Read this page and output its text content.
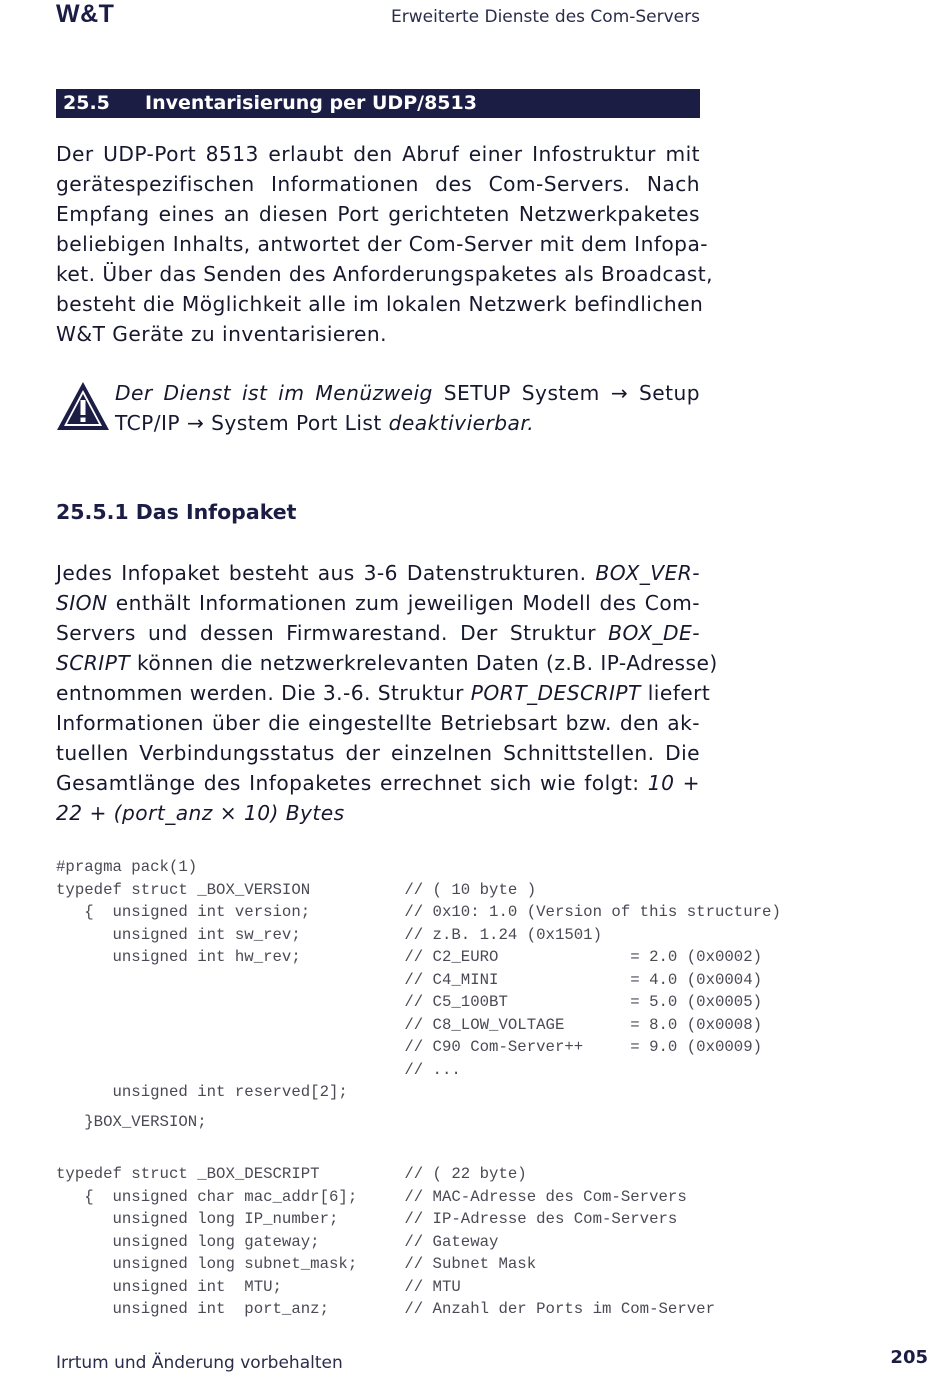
W&T	Erweiterte Dienste des Com-Servers
25.5 Inventarisierung per UDP/8513
Der UDP-Port 8513 erlaubt den Abruf einer Infostruktur mit
gerätespezifischen Informationen des Com-Servers. Nach
Empfang eines an diesen Port gerichteten Netzwerkpaketes
beliebigen Inhalts, antwortet der Com-Server mit dem Infopa-
ket. Über das Senden des Anforderungspaketes als Broadcast,
besteht die Möglichkeit alle im lokalen Netzwerk befindlichen
W&T Geräte zu inventarisieren.
Der Dienst ist im Menüzweig SETUP System → Setup
TCP/IP → System Port List deaktivierbar.
25.5.1 Das Infopaket
Jedes Infopaket besteht aus 3-6 Datenstrukturen. BOX_VER-
SION enthält Informationen zum jeweiligen Modell des Com-
Servers und dessen Firmwarestand. Der Struktur BOX_DE-
SCRIPT können die netzwerkrelevanten Daten (z.B. IP-Adresse)
entnommen werden. Die 3.-6. Struktur PORT_DESCRIPT liefert
Informationen über die eingestellte Betriebsart bzw. den ak-
tuellen Verbindungsstatus der einzelnen Schnittstellen. Die
Gesamtlänge des Infopaketes errechnet sich wie folgt: 10 +
22 + (port_anz × 10) Bytes
#pragma pack(1)
typedef struct _BOX_VERSION          // ( 10 byte )
{  unsigned int version;          // 0x10: 1.0 (Version of this structure)
unsigned int sw_rev;           // z.B. 1.24 (0x1501)
unsigned int hw_rev;           // C2_EURO              = 2.0 (0x0002)
// C4_MINI              = 4.0 (0x0004)
// C5_100BT             = 5.0 (0x0005)
// C8_LOW_VOLTAGE       = 8.0 (0x0008)
// C90 Com-Server++     = 9.0 (0x0009)
// ...
unsigned int reserved[2];
}BOX_VERSION;
typedef struct _BOX_DESCRIPT         // ( 22 byte)
{  unsigned char mac_addr[6];     // MAC-Adresse des Com-Servers
unsigned long IP_number;       // IP-Adresse des Com-Servers
unsigned long gateway;         // Gateway
unsigned long subnet_mask;     // Subnet Mask
unsigned int  MTU;             // MTU
unsigned int  port_anz;        // Anzahl der Ports im Com-Server
Irrtum und Änderung vorbehalten	205
